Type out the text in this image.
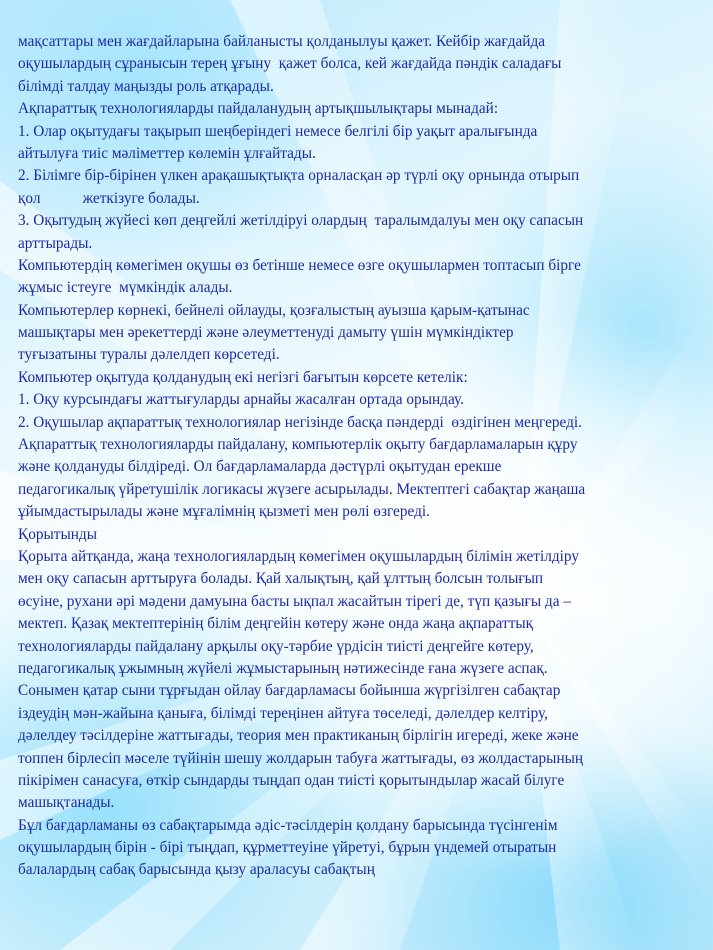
мақсаттары мен жағдайларына байланысты қолданылуы қажет. Кейбір жағдайда
оқушылардың сұранысын терең ұғыну  қажет болса, кей жағдайда пәндік саладағы
білімді талдау маңызды роль атқарады.
Ақпараттық технологияларды пайдаланудың артықшылықтары мынадай:
1. Олар оқытудағы тақырып шеңберіндегі немесе белгілі бір уақыт аралығында
айтылуға тиіс мәліметтер көлемін ұлғайтады.
2. Білімге бір-бірінен үлкен арақашықтықта орналасқан әр түрлі оқу орнында отырып
қол           жеткізуге болады.
3. Оқытудың жүйесі көп деңгейлі жетілдіруі олардың  таралымдалуы мен оқу сапасын
арттырады.
Компьютердің көмегімен оқушы өз бетінше немесе өзге оқушылармен топтасып бірге
жұмыс істеуге  мүмкіндік алады.
Компьютерлер көрнекі, бейнелі ойлауды, қозғалыстың ауызша қарым-қатынас
машықтары мен әрекеттерді және әлеуметтенуді дамыту үшін мүмкіндіктер
туғызатыны туралы дәлелдеп көрсетеді.
Компьютер оқытуда қолданудың екі негізгі бағытын көрсете кетелік:
1. Оқу курсындағы жаттығуларды арнайы жасалған ортада орындау.
2. Оқушылар ақпараттық технологиялар негізінде басқа пәндерді  өздігінен меңгереді.
Ақпараттық технологияларды пайдалану, компьютерлік оқыту бағдарламаларын құру
және қолдануды білдіреді. Ол бағдарламаларда дәстүрлі оқытудан ерекше
педагогикалық үйретушілік логикасы жүзеге асырылады. Мектептегі сабақтар жаңаша
ұйымдастырылады және мұғалімнің қызметі мен рөлі өзгереді.
Қорытынды
Қорыта айтқанда, жаңа технологиялардың көмегімен оқушылардың білімін жетілдіру
мен оқу сапасын арттыруға болады. Қай халықтың, қай ұлттың болсын толығып
өсуіне, рухани әрі мәдени дамуына басты ықпал жасайтын тірегі де, түп қазығы да –
мектеп. Қазақ мектептерінің білім деңгейін көтеру және онда жаңа ақпараттық
технологияларды пайдалану арқылы оқу-тәрбие үрдісін тиісті деңгейге көтеру,
педагогикалық ұжымның жүйелі жұмыстарының нәтижесінде ғана жүзеге аспақ.
Сонымен қатар сыни тұрғыдан ойлау бағдарламасы бойынша жүргізілген сабақтар
іздеудің мән-жайына қаныға, білімді тереңінен айтуға төселеді, дәлелдер келтіру,
дәлелдеу тәсілдеріне жаттығады, теория мен практиканың бірлігін игереді, жеке және
топпен бірлесіп мәселе түйінін шешу жолдарын табуға жаттығады, өз жолдастарының
пікірімен санасуға, өткір сындарды тыңдап одан тиісті қорытындылар жасай білуге
машықтанады.
Бұл бағдарламаны өз сабақтарымда әдіс-тәсілдерін қолдану барысында түсінгенім
оқушылардың бірін - бірі тыңдап, құрметтеуіне үйретуі, бұрын үндемей отыратын
балалардың сабақ барысында қызу араласуы сабақтың
